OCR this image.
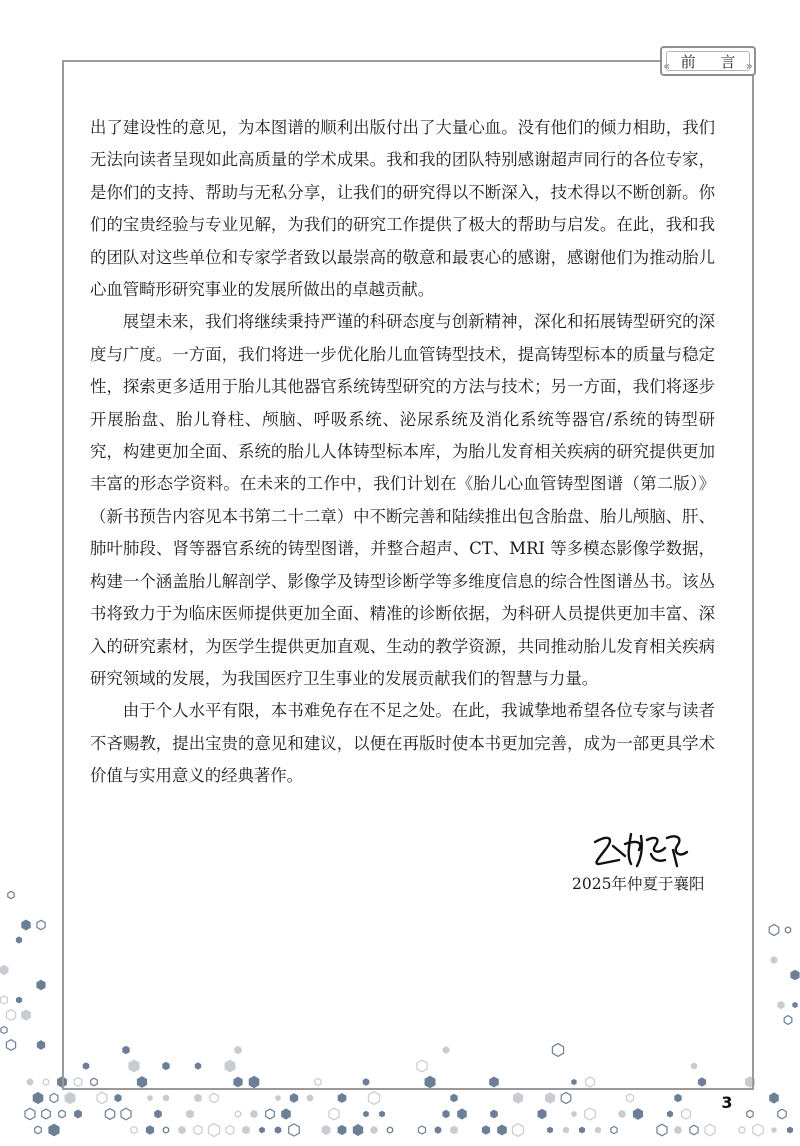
« 前 言 »

出了建设性的意见，为本图谱的顺利出版付出了大量心血。没有他们的倾力相助，我们无法向读者呈现如此高质量的学术成果。我和我的团队特别感谢超声同行的各位专家，是你们的支持、帮助与无私分享，让我们的研究得以不断深入，技术得以不断创新。你们的宝贵经验与专业见解，为我们的研究工作提供了极大的帮助与启发。在此，我和我的团队对这些单位和专家学者致以最崇高的敬意和最衷心的感谢，感谢他们为推动胎儿心血管畸形研究事业的发展所做出的卓越贡献。

展望未来，我们将继续秉持严谨的科研态度与创新精神，深化和拓展铸型研究的深度与广度。一方面，我们将进一步优化胎儿血管铸型技术，提高铸型标本的质量与稳定性，探索更多适用于胎儿其他器官系统铸型研究的方法与技术；另一方面，我们将逐步开展胎盘、胎儿脊柱、颅脑、呼吸系统、泌尿系统及消化系统等器官/系统的铸型研究，构建更加全面、系统的胎儿人体铸型标本库，为胎儿发育相关疾病的研究提供更加丰富的形态学资料。在未来的工作中，我们计划在《胎儿心血管铸型图谱（第二版）》（新书预告内容见本书第二十二章）中不断完善和陆续推出包含胎盘、胎儿颅脑、肝、肺叶肺段、肾等器官系统的铸型图谱，并整合超声、CT、MRI 等多模态影像学数据，构建一个涵盖胎儿解剖学、影像学及铸型诊断学等多维度信息的综合性图谱丛书。该丛书将致力于为临床医师提供更加全面、精准的诊断依据，为科研人员提供更加丰富、深入的研究素材，为医学生提供更加直观、生动的教学资源，共同推动胎儿发育相关疾病研究领域的发展，为我国医疗卫生事业的发展贡献我们的智慧与力量。

由于个人水平有限，本书难免存在不足之处。在此，我诚挚地希望各位专家与读者不吝赐教，提出宝贵的意见和建议，以便在再版时使本书更加完善，成为一部更具学术价值与实用意义的经典著作。

2025年仲夏于襄阳
3
